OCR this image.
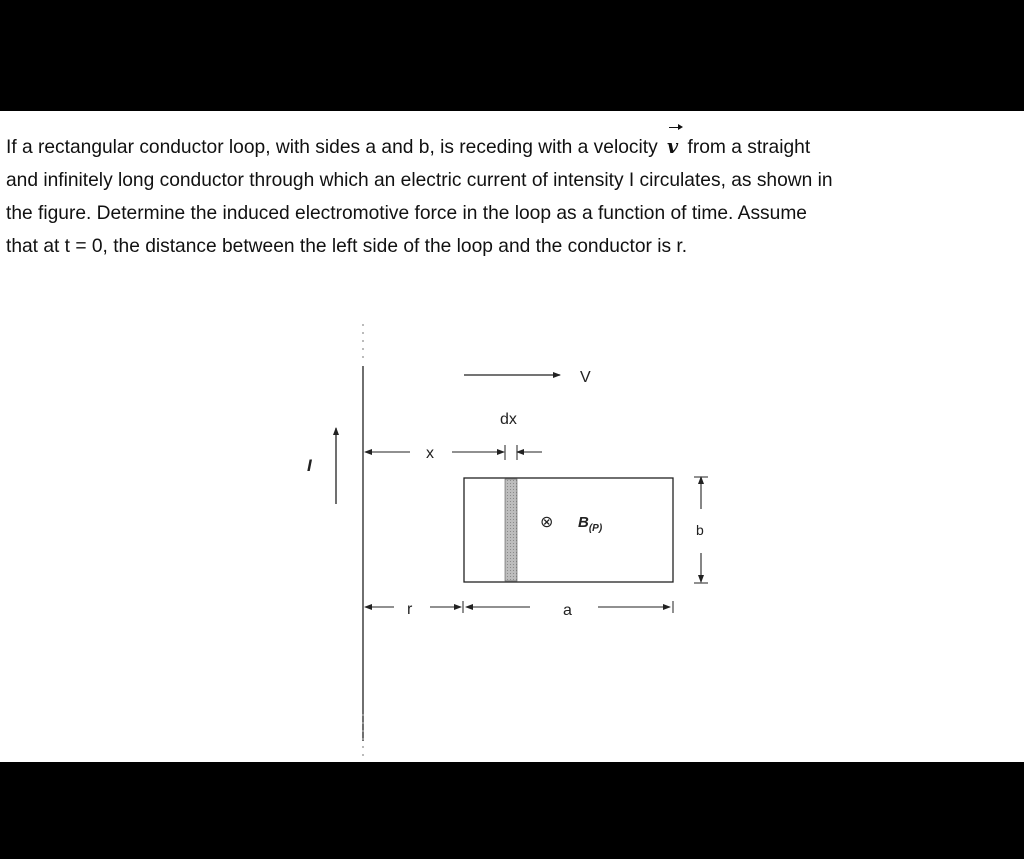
If a rectangular conductor loop, with sides a and b, is receding with a velocity v from a straight
and infinitely long conductor through which an electric current of intensity I circulates, as shown in
the figure. Determine the induced electromotive force in the loop as a function of time. Assume
that at t = 0, the distance between the left side of the loop and the conductor is r.

I
V
dx
x
⊗ $B_{(P)}$	b
r	a
